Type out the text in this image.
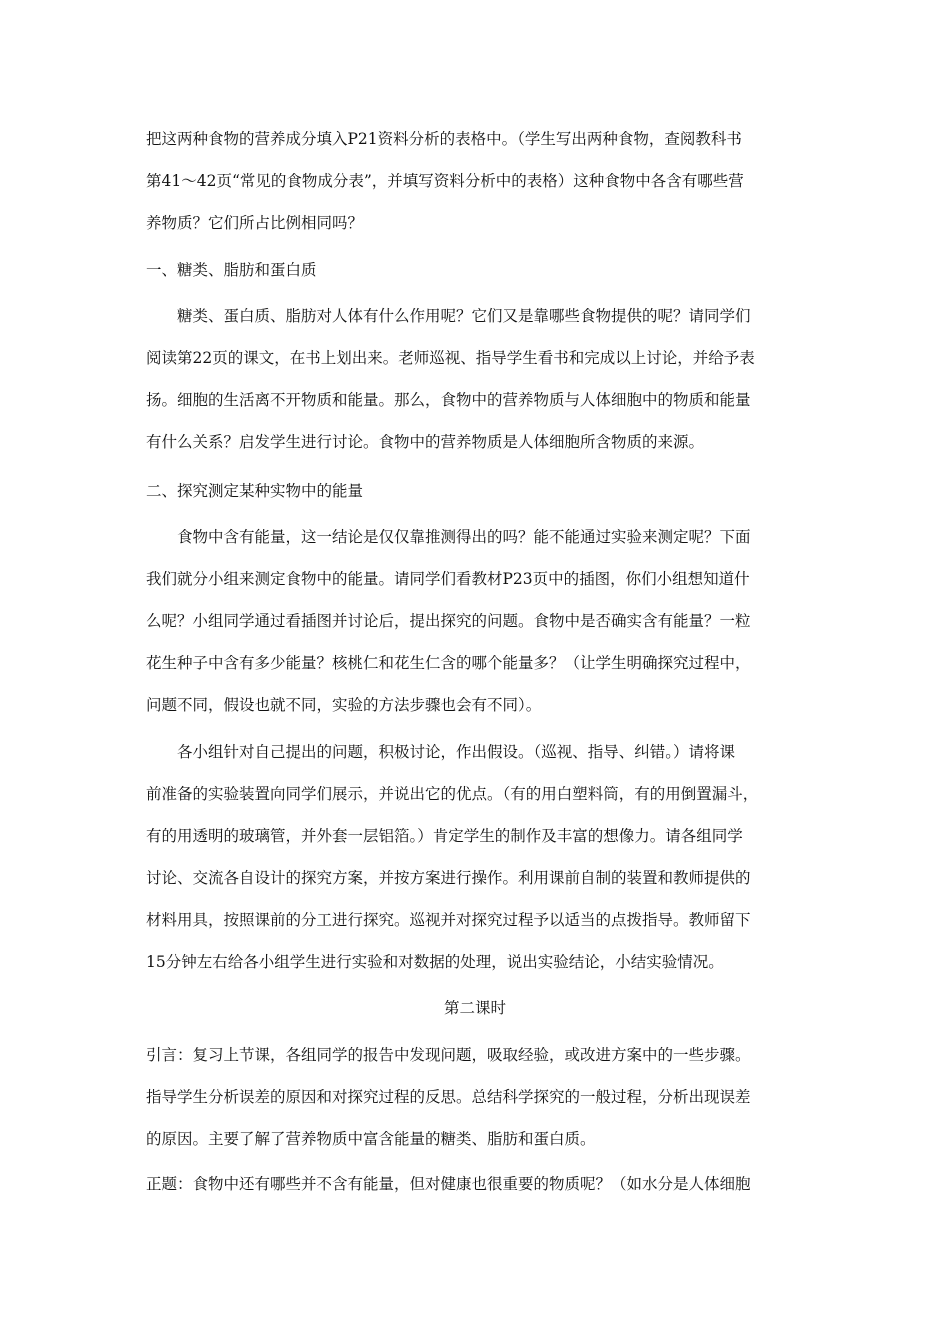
把这两种食物的营养成分填入P21资料分析的表格中。（学生写出两种食物，查阅教科书
第41～42页“常见的食物成分表”，并填写资料分析中的表格）这种食物中各含有哪些营
养物质？它们所占比例相同吗？
一、糖类、脂肪和蛋白质
糖类、蛋白质、脂肪对人体有什么作用呢？它们又是靠哪些食物提供的呢？请同学们
阅读第22页的课文，在书上划出来。老师巡视、指导学生看书和完成以上讨论，并给予表
扬。细胞的生活离不开物质和能量。那么，食物中的营养物质与人体细胞中的物质和能量
有什么关系？启发学生进行讨论。食物中的营养物质是人体细胞所含物质的来源。
二、探究测定某种实物中的能量
食物中含有能量，这一结论是仅仅靠推测得出的吗？能不能通过实验来测定呢？下面
我们就分小组来测定食物中的能量。请同学们看教材P23页中的插图，你们小组想知道什
么呢？小组同学通过看插图并讨论后，提出探究的问题。食物中是否确实含有能量？一粒
花生种子中含有多少能量？核桃仁和花生仁含的哪个能量多？（让学生明确探究过程中，
问题不同，假设也就不同，实验的方法步骤也会有不同）。
各小组针对自己提出的问题，积极讨论，作出假设。（巡视、指导、纠错。）请将课
前准备的实验装置向同学们展示，并说出它的优点。（有的用白塑料筒，有的用倒置漏斗，
有的用透明的玻璃管，并外套一层铝箔。）肯定学生的制作及丰富的想像力。请各组同学
讨论、交流各自设计的探究方案，并按方案进行操作。利用课前自制的装置和教师提供的
材料用具，按照课前的分工进行探究。巡视并对探究过程予以适当的点拨指导。教师留下
15分钟左右给各小组学生进行实验和对数据的处理，说出实验结论，小结实验情况。
第二课时
引言：复习上节课，各组同学的报告中发现问题，吸取经验，或改进方案中的一些步骤。
指导学生分析误差的原因和对探究过程的反思。总结科学探究的一般过程，分析出现误差
的原因。主要了解了营养物质中富含能量的糖类、脂肪和蛋白质。
正题：食物中还有哪些并不含有能量，但对健康也很重要的物质呢？（如水分是人体细胞
